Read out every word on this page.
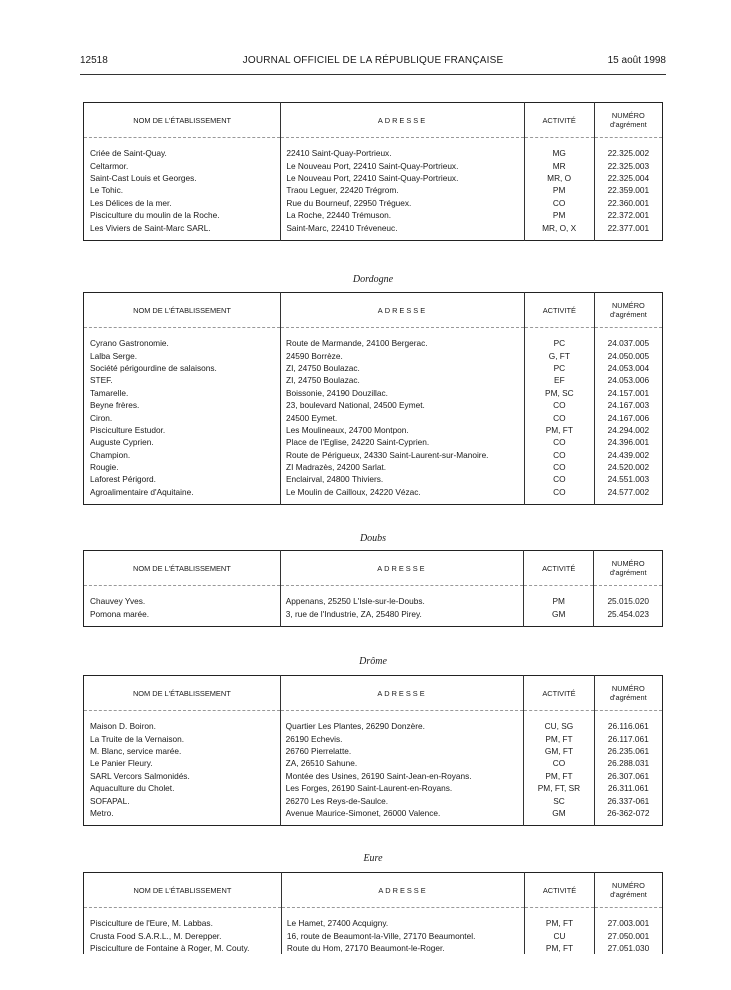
12518	JOURNAL OFFICIEL DE LA RÉPUBLIQUE FRANÇAISE	15 août 1998
NOM DE L'ÉTABLISSEMENT	ADRESSE	ACTIVITÉ	NUMÉRO
d'agrément

Criée de Saint-Quay.	22410 Saint-Quay-Portrieux.	MG	22.325.002
Celtarmor.	Le Nouveau Port, 22410 Saint-Quay-Portrieux.	MR	22.325.003
Saint-Cast Louis et Georges.	Le Nouveau Port, 22410 Saint-Quay-Portrieux.	MR, O	22.325.004
Le Tohic.	Traou Leguer, 22420 Trégrom.	PM	22.359.001
Les Délices de la mer.	Rue du Bourneuf, 22950 Tréguex.	CO	22.360.001
Pisciculture du moulin de la Roche.	La Roche, 22440 Trémuson.	PM	22.372.001
Les Viviers de Saint-Marc SARL.	Saint-Marc, 22410 Tréveneuc.	MR, O, X	22.377.001

Dordogne
NOM DE L'ÉTABLISSEMENT	ADRESSE	ACTIVITÉ	NUMÉRO
d'agrément

Cyrano Gastronomie.	Route de Marmande, 24100 Bergerac.	PC	24.037.005
Lalba Serge.	24590 Borrèze.	G, FT	24.050.005
Société périgourdine de salaisons.	ZI, 24750 Boulazac.	PC	24.053.004
STEF.	ZI, 24750 Boulazac.	EF	24.053.006
Tamarelle.	Boissonie, 24190 Douzillac.	PM, SC	24.157.001
Beyne frères.	23, boulevard National, 24500 Eymet.	CO	24.167.003
Ciron.	24500 Eymet.	CO	24.167.006
Pisciculture Estudor.	Les Moulineaux, 24700 Montpon.	PM, FT	24.294.002
Auguste Cyprien.	Place de l'Eglise, 24220 Saint-Cyprien.	CO	24.396.001
Champion.	Route de Périgueux, 24330 Saint-Laurent-sur-Manoire.	CO	24.439.002
Rougie.	ZI Madrazès, 24200 Sarlat.	CO	24.520.002
Laforest Périgord.	Enclairval, 24800 Thiviers.	CO	24.551.003
Agroalimentaire d'Aquitaine.	Le Moulin de Cailloux, 24220 Vézac.	CO	24.577.002

Doubs
NOM DE L'ÉTABLISSEMENT	ADRESSE	ACTIVITÉ	NUMÉRO
d'agrément

Chauvey Yves.	Appenans, 25250 L'Isle-sur-le-Doubs.	PM	25.015.020
Pomona marée.	3, rue de l'Industrie, ZA, 25480 Pirey.	GM	25.454.023

Drôme
NOM DE L'ÉTABLISSEMENT	ADRESSE	ACTIVITÉ	NUMÉRO
d'agrément

Maison D. Boiron.	Quartier Les Plantes, 26290 Donzère.	CU, SG	26.116.061
La Truite de la Vernaison.	26190 Echevis.	PM, FT	26.117.061
M. Blanc, service marée.	26760 Pierrelatte.	GM, FT	26.235.061
Le Panier Fleury.	ZA, 26510 Sahune.	CO	26.288.031
SARL Vercors Salmonidés.	Montée des Usines, 26190 Saint-Jean-en-Royans.	PM, FT	26.307.061
Aquaculture du Cholet.	Les Forges, 26190 Saint-Laurent-en-Royans.	PM, FT, SR	26.311.061
SOFAPAL.	26270 Les Reys-de-Saulce.	SC	26.337-061
Metro.	Avenue Maurice-Simonet, 26000 Valence.	GM	26-362-072

Eure
NOM DE L'ÉTABLISSEMENT	ADRESSE	ACTIVITÉ	NUMÉRO
d'agrément

Pisciculture de l'Eure, M. Labbas.	Le Hamet, 27400 Acquigny.	PM, FT	27.003.001
Crusta Food S.A.R.L., M. Derepper.	16, route de Beaumont-la-Ville, 27170 Beaumontel.	CU	27.050.001
Pisciculture de Fontaine à Roger, M. Couty.	Route du Hom, 27170 Beaumont-le-Roger.	PM, FT	27.051.030
